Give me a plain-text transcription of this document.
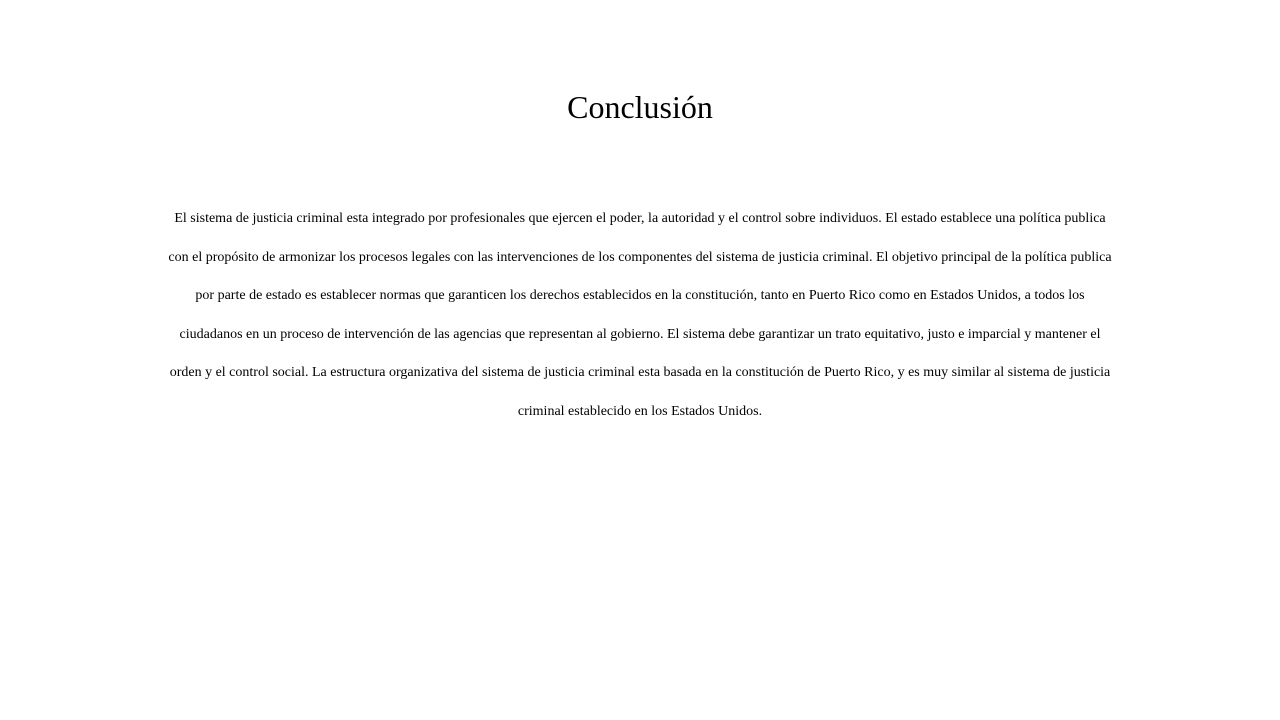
Conclusión
El sistema de justicia criminal esta integrado por profesionales que ejercen el poder, la autoridad y el control sobre individuos. El estado establece una política publica
con el propósito de armonizar los procesos legales con las intervenciones de los componentes del sistema de justicia criminal. El objetivo principal de la política publica
por parte de estado es establecer normas que garanticen los derechos establecidos en la constitución, tanto en Puerto Rico como en Estados Unidos, a todos los
ciudadanos en un proceso de intervención de las agencias que representan al gobierno. El sistema debe garantizar un trato equitativo, justo e imparcial y mantener el
orden y el control social. La estructura organizativa del sistema de justicia criminal esta basada en la constitución de Puerto Rico, y es muy similar al sistema de justicia
criminal establecido en los Estados Unidos.
